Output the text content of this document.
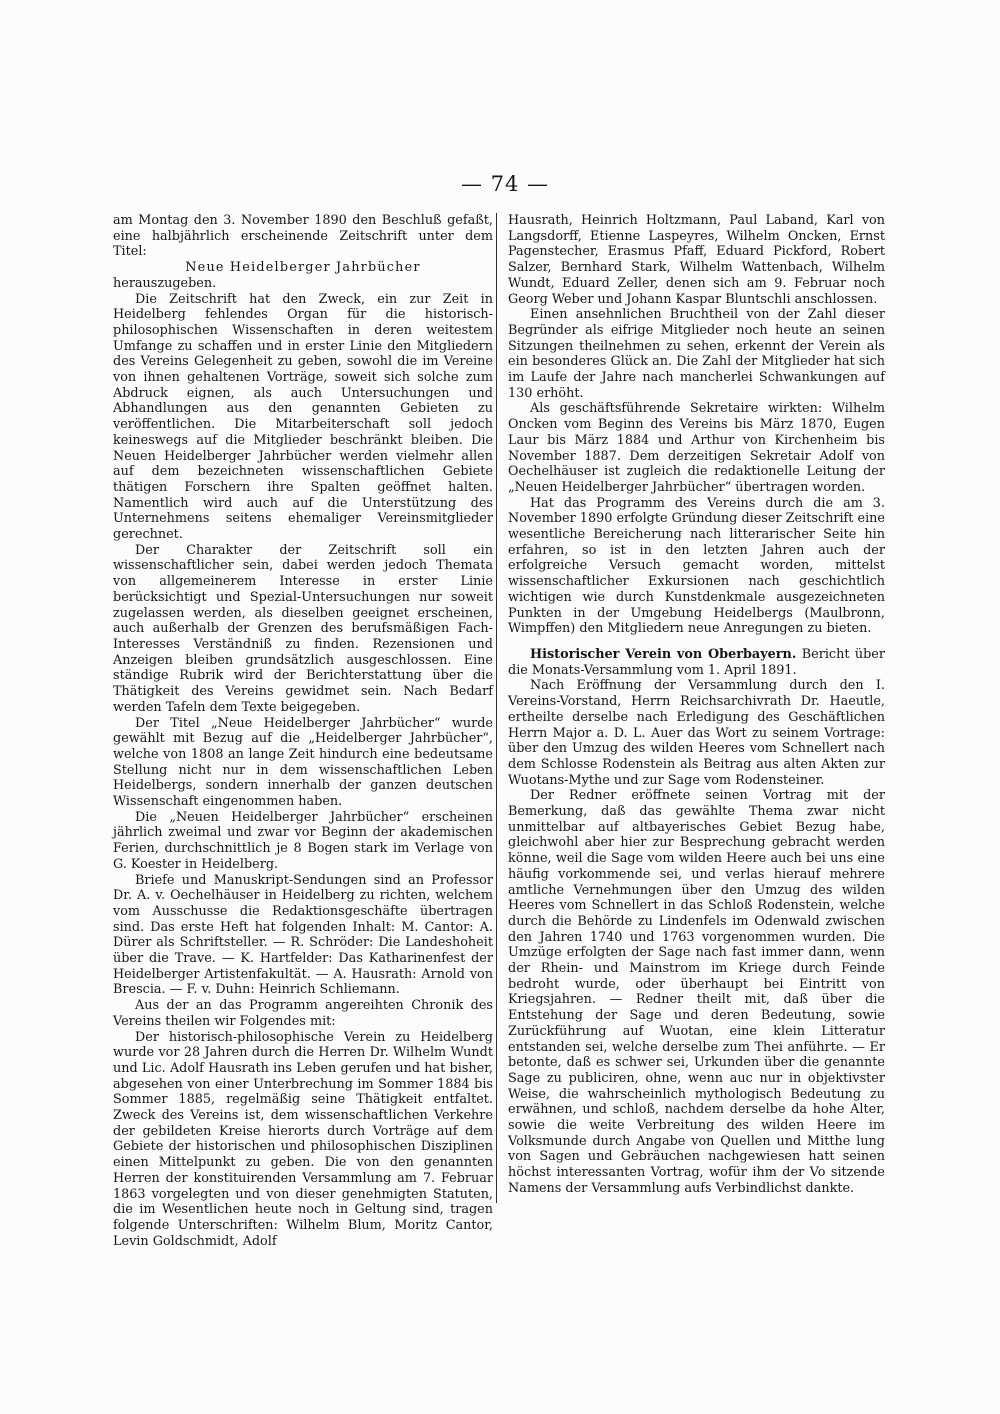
— 74 —

am Montag den 3. November 1890 den Beschluß gefaßt, eine halbjährlich erscheinende Zeitschrift unter dem Titel:

Neue Heidelberger Jahrbücher

herauszugeben.

Die Zeitschrift hat den Zweck, ein zur Zeit in Heidelberg fehlendes Organ für die historisch-philosophischen Wissenschaften in deren weitestem Umfange zu schaffen und in erster Linie den Mitgliedern des Vereins Gelegenheit zu geben, sowohl die im Vereine von ihnen gehaltenen Vorträge, soweit sich solche zum Abdruck eignen, als auch Untersuchungen und Abhandlungen aus den genannten Gebieten zu veröffentlichen. Die Mitarbeiterschaft soll jedoch keineswegs auf die Mitglieder beschränkt bleiben. Die Neuen Heidelberger Jahrbücher werden vielmehr allen auf dem bezeichneten wissenschaftlichen Gebiete thätigen Forschern ihre Spalten geöffnet halten. Namentlich wird auch auf die Unterstützung des Unternehmens seitens ehemaliger Vereinsmitglieder gerechnet.

Der Charakter der Zeitschrift soll ein wissenschaftlicher sein, dabei werden jedoch Themata von allgemeinerem Interesse in erster Linie berücksichtigt und Spezial-Untersuchungen nur soweit zugelassen werden, als dieselben geeignet erscheinen, auch außerhalb der Grenzen des berufsmäßigen Fach-Interesses Verständniß zu finden. Rezensionen und Anzeigen bleiben grundsätzlich ausgeschlossen. Eine ständige Rubrik wird der Berichterstattung über die Thätigkeit des Vereins gewidmet sein. Nach Bedarf werden Tafeln dem Texte beigegeben.

Der Titel „Neue Heidelberger Jahrbücher“ wurde gewählt mit Bezug auf die „Heidelberger Jahrbücher“, welche von 1808 an lange Zeit hindurch eine bedeutsame Stellung nicht nur in dem wissenschaftlichen Leben Heidelbergs, sondern innerhalb der ganzen deutschen Wissenschaft eingenommen haben.

Die „Neuen Heidelberger Jahrbücher“ erscheinen jährlich zweimal und zwar vor Beginn der akademischen Ferien, durchschnittlich je 8 Bogen stark im Verlage von G. Koester in Heidelberg.

Briefe und Manuskript-Sendungen sind an Professor Dr. A. v. Oechelhäuser in Heidelberg zu richten, welchem vom Ausschusse die Redaktionsgeschäfte übertragen sind. Das erste Heft hat folgenden Inhalt: M. Cantor: A. Dürer als Schriftsteller. — R. Schröder: Die Landeshoheit über die Trave. — K. Hartfelder: Das Katharinenfest der Heidelberger Artistenfakultät. — A. Hausrath: Arnold von Brescia. — F. v. Duhn: Heinrich Schliemann.

Aus der an das Programm angereihten Chronik des Vereins theilen wir Folgendes mit:

Der historisch-philosophische Verein zu Heidelberg wurde vor 28 Jahren durch die Herren Dr. Wilhelm Wundt und Lic. Adolf Hausrath ins Leben gerufen und hat bisher, abgesehen von einer Unterbrechung im Sommer 1884 bis Sommer 1885, regelmäßig seine Thätigkeit entfaltet. Zweck des Vereins ist, dem wissenschaftlichen Verkehre der gebildeten Kreise hierorts durch Vorträge auf dem Gebiete der historischen und philosophischen Disziplinen einen Mittelpunkt zu geben. Die von den genannten Herren der konstituirenden Versammlung am 7. Februar 1863 vorgelegten und von dieser genehmigten Statuten, die im Wesentlichen heute noch in Geltung sind, tragen folgende Unterschriften: Wilhelm Blum, Moritz Cantor, Levin Goldschmidt, Adolf

Hausrath, Heinrich Holtzmann, Paul Laband, Karl von Langsdorff, Etienne Laspeyres, Wilhelm Oncken, Ernst Pagenstecher, Erasmus Pfaff, Eduard Pickford, Robert Salzer, Bernhard Stark, Wilhelm Wattenbach, Wilhelm Wundt, Eduard Zeller, denen sich am 9. Februar noch Georg Weber und Johann Kaspar Bluntschli anschlossen.

Einen ansehnlichen Bruchtheil von der Zahl dieser Begründer als eifrige Mitglieder noch heute an seinen Sitzungen theilnehmen zu sehen, erkennt der Verein als ein besonderes Glück an. Die Zahl der Mitglieder hat sich im Laufe der Jahre nach mancherlei Schwankungen auf 130 erhöht.

Als geschäftsführende Sekretaire wirkten: Wilhelm Oncken vom Beginn des Vereins bis März 1870, Eugen Laur bis März 1884 und Arthur von Kirchenheim bis November 1887. Dem derzeitigen Sekretair Adolf von Oechelhäuser ist zugleich die redaktionelle Leitung der „Neuen Heidelberger Jahrbücher“ übertragen worden.

Hat das Programm des Vereins durch die am 3. November 1890 erfolgte Gründung dieser Zeitschrift eine wesentliche Bereicherung nach litterarischer Seite hin erfahren, so ist in den letzten Jahren auch der erfolgreiche Versuch gemacht worden, mittelst wissenschaftlicher Exkursionen nach geschichtlich wichtigen wie durch Kunstdenkmale ausgezeichneten Punkten in der Umgebung Heidelbergs (Maulbronn, Wimpffen) den Mitgliedern neue Anregungen zu bieten.

Historischer Verein von Oberbayern. Bericht über die Monats-Versammlung vom 1. April 1891.

Nach Eröffnung der Versammlung durch den I. Vereins-Vorstand, Herrn Reichsarchivrath Dr. Haeutle, ertheilte derselbe nach Erledigung des Geschäftlichen Herrn Major a. D. L. Auer das Wort zu seinem Vortrage: über den Umzug des wilden Heeres vom Schnellert nach dem Schlosse Rodenstein als Beitrag aus alten Akten zur Wuotans-Mythe und zur Sage vom Rodensteiner.

Der Redner eröffnete seinen Vortrag mit der Bemerkung, daß das gewählte Thema zwar nicht unmittelbar auf altbayerisches Gebiet Bezug habe, gleichwohl aber hier zur Besprechung gebracht werden könne, weil die Sage vom wilden Heere auch bei uns eine häufig vorkommende sei, und verlas hierauf mehrere amtliche Vernehmungen über den Umzug des wilden Heeres vom Schnellert in das Schloß Rodenstein, welche durch die Behörde zu Lindenfels im Odenwald zwischen den Jahren 1740 und 1763 vorgenommen wurden. Die Umzüge erfolgten der Sage nach fast immer dann, wenn der Rhein- und Mainstrom im Kriege durch Feinde bedroht wurde, oder überhaupt bei Eintritt von Kriegsjahren. — Redner theilt mit, daß über die Entstehung der Sage und deren Bedeutung, sowie Zurückführung auf Wuotan, eine klein Litteratur entstanden sei, welche derselbe zum Thei anführte. — Er betonte, daß es schwer sei, Urkunden über die genannte Sage zu publiciren, ohne, wenn auc nur in objektivster Weise, die wahrscheinlich mythologisch Bedeutung zu erwähnen, und schloß, nachdem derselbe da hohe Alter, sowie die weite Verbreitung des wilden Heere im Volksmunde durch Angabe von Quellen und Mitthe lung von Sagen und Gebräuchen nachgewiesen hatt seinen höchst interessanten Vortrag, wofür ihm der Vo sitzende Namens der Versammlung aufs Verbindlichst dankte.
